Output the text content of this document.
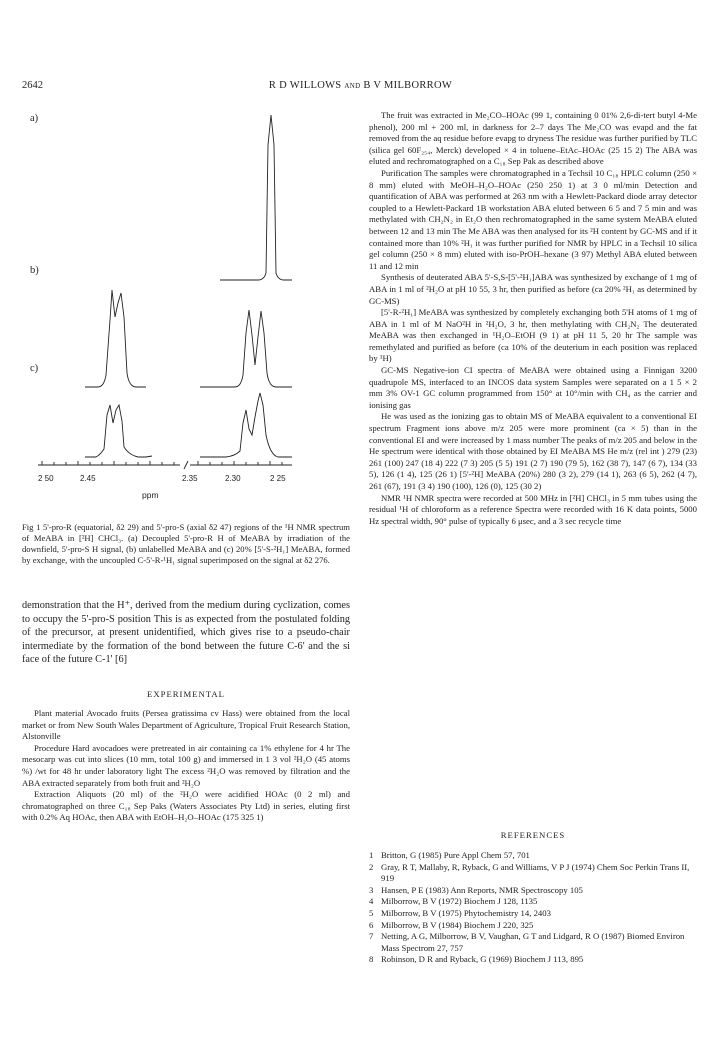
2642	R D WILLOWS and B V MILBORROW
a)
b)
c)
2 50	2.45	2.35	2.30	2 25
ppm
Fig 1 5'-pro-R (equatorial, δ2 29) and 5'-pro-S (axial δ2 47) regions of the ¹H NMR spectrum of MeABA in [²H] CHCl₃. (a) Decoupled 5'-pro-R H of MeABA by irradiation of the downfield, 5'-pro-S H signal, (b) unlabelled MeABA and (c) 20% [5'-S-²H₁] MeABA, formed by exchange, with the uncoupled C-5'-R-¹H₁ signal superimposed on the signal at δ2 276.
demonstration that the H⁺, derived from the medium during cyclization, comes to occupy the 5'-pro-S position This is as expected from the postulated folding of the precursor, at present unidentified, which gives rise to a pseudo-chair intermediate by the formation of the bond between the future C-6' and the si face of the future C-1' [6]
EXPERIMENTAL
Plant material Avocado fruits (Persea gratissima cv Hass) were obtained from the local market or from New South Wales Department of Agriculture, Tropical Fruit Research Station, Alstonville
Procedure Hard avocadoes were pretreated in air containing ca 1% ethylene for 4 hr The mesocarp was cut into slices (10 mm, total 100 g) and immersed in 1 3 vol ²H₂O (45 atoms %) /wt for 48 hr under laboratory light The excess ²H₂O was removed by filtration and the ABA extracted separately from both fruit and ²H₂O
Extraction Aliquots (20 ml) of the ²H₂O were acidified HOAc (0 2 ml) and chromatographed on three C₁₈ Sep Paks (Waters Associates Pty Ltd) in series, eluting first with 0.2% Aq HOAc, then ABA with EtOH–H₂O–HOAc (175 325 1)
The fruit was extracted in Me₂CO–HOAc (99 1, containing 0 01% 2,6-di-tert butyl 4-Me phenol), 200 ml + 200 ml, in darkness for 2–7 days The Me₂CO was evapd and the fat removed from the aq residue before evapg to dryness The residue was further purified by TLC (silica gel 60F₂₅₄, Merck) developed × 4 in toluene–EtAc–HOAc (25 15 2) The ABA was eluted and rechromatographed on a C₁₈ Sep Pak as described above
Purification The samples were chromatographed in a Techsil 10 C₁₈ HPLC column (250 × 8 mm) eluted with MeOH–H₂O–HOAc (250 250 1) at 3 0 ml/min Detection and quantification of ABA was performed at 263 nm with a Hewlett-Packard diode array detector coupled to a Hewlett-Packard 1B workstation ABA eluted between 6 5 and 7 5 min and was methylated with CH₂N₂ in Et₂O then rechromatographed in the same system MeABA eluted between 12 and 13 min The Me ABA was then analysed for its ²H content by GC-MS and if it contained more than 10% ²H₁ it was further purified for NMR by HPLC in a Techsil 10 silica gel column (250 × 8 mm) eluted with iso-PrOH–hexane (3 97) Methyl ABA eluted between 11 and 12 min
Synthesis of deuterated ABA 5'-S,S-[5'-²H₁]ABA was synthesized by exchange of 1 mg of ABA in 1 ml of ²H₂O at pH 10 55, 3 hr, then purified as before (ca 20% ²H₁ as determined by GC-MS)
[5'-R-²H₁] MeABA was synthesized by completely exchanging both 5'H atoms of 1 mg of ABA in 1 ml of M NaO²H in ²H₂O, 3 hr, then methylating with CH₂N₂ The deuterated MeABA was then exchanged in ¹H₂O–EtOH (9 1) at pH 11 5, 20 hr The sample was remethylated and purified as before (ca 10% of the deuterium in each position was replaced by ¹H)
GC-MS Negative-ion CI spectra of MeABA were obtained using a Finnigan 3200 quadrupole MS, interfaced to an INCOS data system Samples were separated on a 1 5 × 2 mm 3% OV-1 GC column programmed from 150° at 10°/min with CH₄ as the carrier and ionising gas
He was used as the ionizing gas to obtain MS of MeABA equivalent to a conventional EI spectrum Fragment ions above m/z 205 were more prominent (ca × 5) than in the conventional EI and were increased by 1 mass number The peaks of m/z 205 and below in the He spectrum were identical with those obtained by EI MeABA MS He m/z (rel int ) 279 (23) 261 (100) 247 (18 4) 222 (7 3) 205 (5 5) 191 (2 7) 190 (79 5), 162 (38 7), 147 (6 7), 134 (33 5), 126 (1 4), 125 (26 1) [5'-²H] MeABA (20%) 280 (3 2), 279 (14 1), 263 (6 5), 262 (4 7), 261 (67), 191 (3 4) 190 (100), 126 (0), 125 (30 2)
NMR ¹H NMR spectra were recorded at 500 MHz in [²H] CHCl₃ in 5 mm tubes using the residual ¹H of chloroform as a reference Spectra were recorded with 16 K data points, 5000 Hz spectral width, 90° pulse of typically 6 μsec, and a 3 sec recycle time
REFERENCES
1 Britton, G (1985) Pure Appl Chem 57, 701
2 Gray, R T, Mallaby, R, Ryback, G and Williams, V P J (1974) Chem Soc Perkin Trans II, 919
3 Hansen, P E (1983) Ann Reports, NMR Spectroscopy 105
4 Milborrow, B V (1972) Biochem J 128, 1135
5 Milborrow, B V (1975) Phytochemistry 14, 2403
6 Milborrow, B V (1984) Biochem J 220, 325
7 Netting, A G, Milborrow, B V, Vaughan, G T and Lidgard, R O (1987) Biomed Environ Mass Spectrom 27, 757
8 Robinson, D R and Ryback, G (1969) Biochem J 113, 895
